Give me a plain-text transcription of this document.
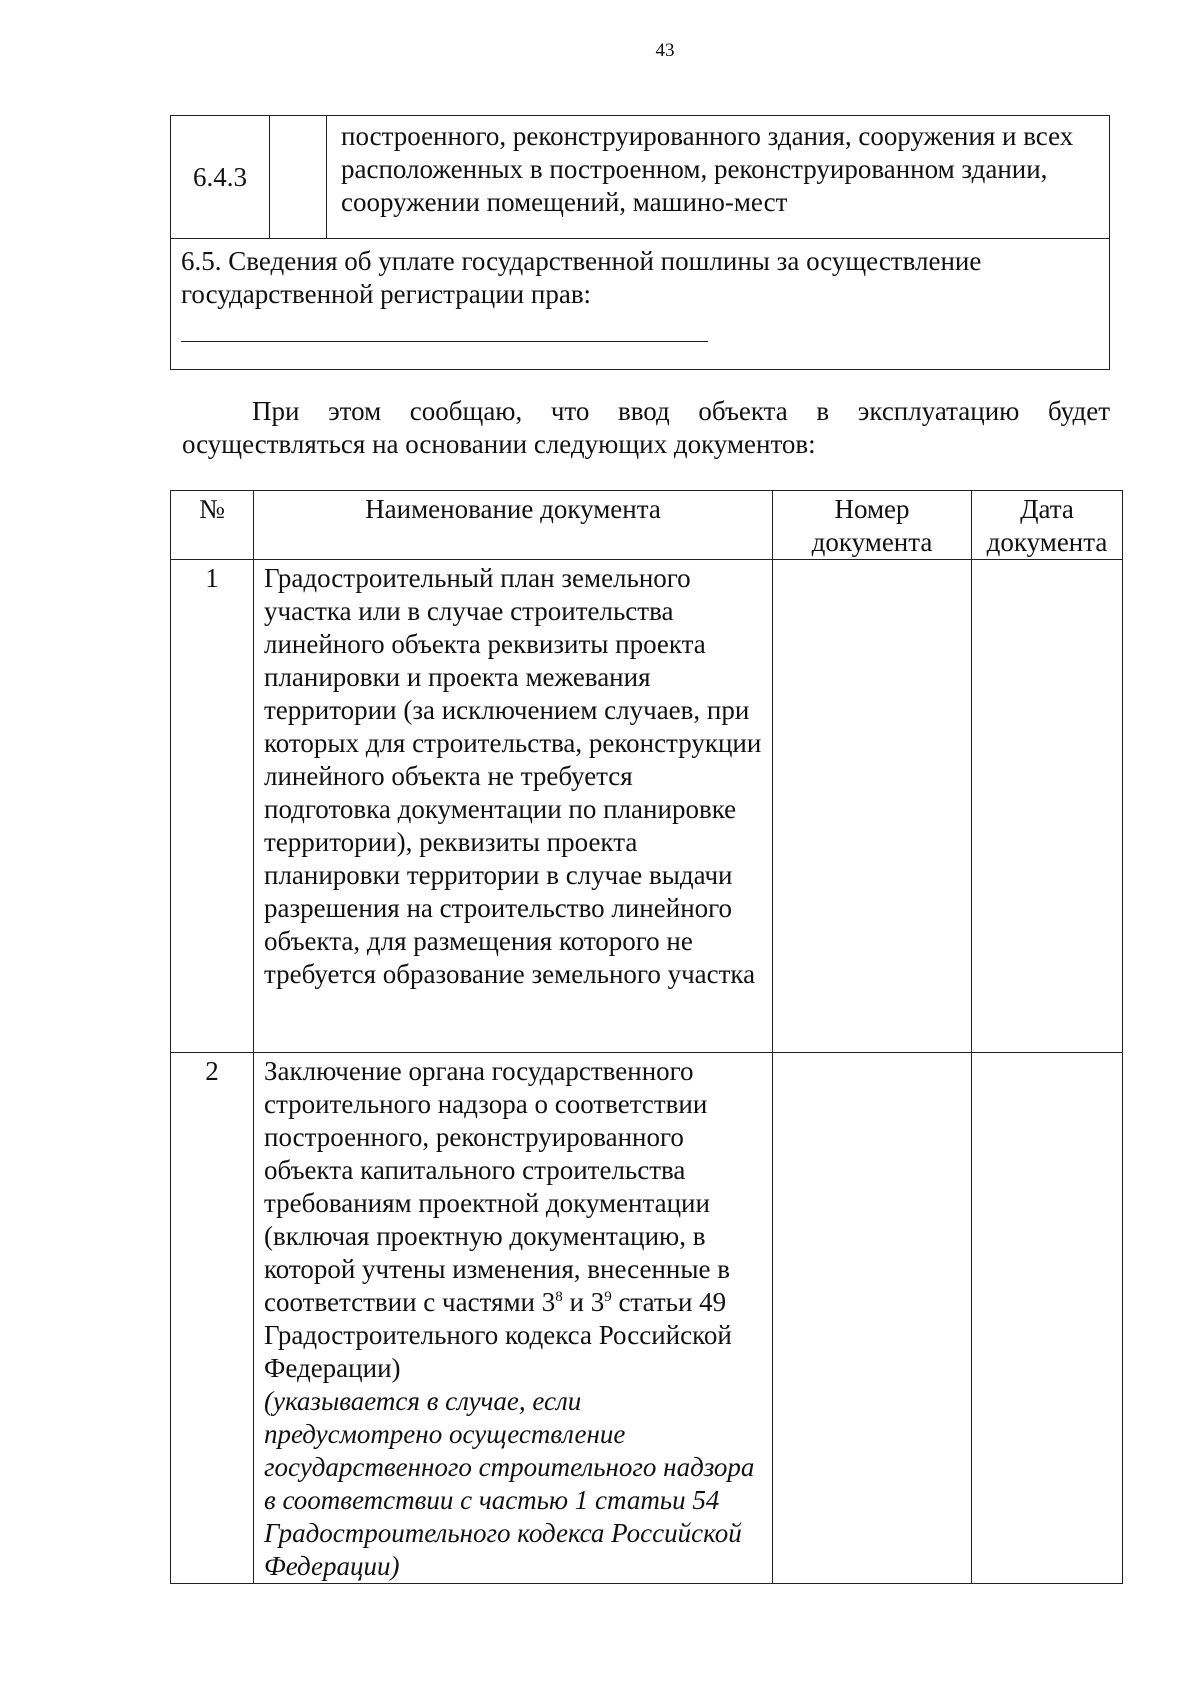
43
6.4.3		построенного, реконструированного здания, сооружения и всех расположенных в построенном, реконструированном здании, сооружении помещений, машино-мест
6.5. Сведения об уплате государственной пошлины за осуществление государственной регистрации прав:
При этом сообщаю, что ввод объекта в эксплуатацию будет
осуществляться на основании следующих документов:
№	Наименование документа	Номер документа	Дата документа
1	Градостроительный план земельного участка или в случае строительства линейного объекта реквизиты проекта планировки и проекта межевания территории (за исключением случаев, при которых для строительства, реконструкции линейного объекта не требуется подготовка документации по планировке территории), реквизиты проекта планировки территории в случае выдачи разрешения на строительство линейного объекта, для размещения которого не требуется образование земельного участка		
2	Заключение органа государственного строительного надзора о соответствии построенного, реконструированного объекта капитального строительства требованиям проектной документации (включая проектную документацию, в которой учтены изменения, внесенные в соответствии с частями $3^8$ и $3^9$ статьи 49 Градостроительного кодекса Российской Федерации)
(указывается в случае, если предусмотрено осуществление государственного строительного надзора в соответствии с частью 1 статьи 54 Градостроительного кодекса Российской Федерации)		
